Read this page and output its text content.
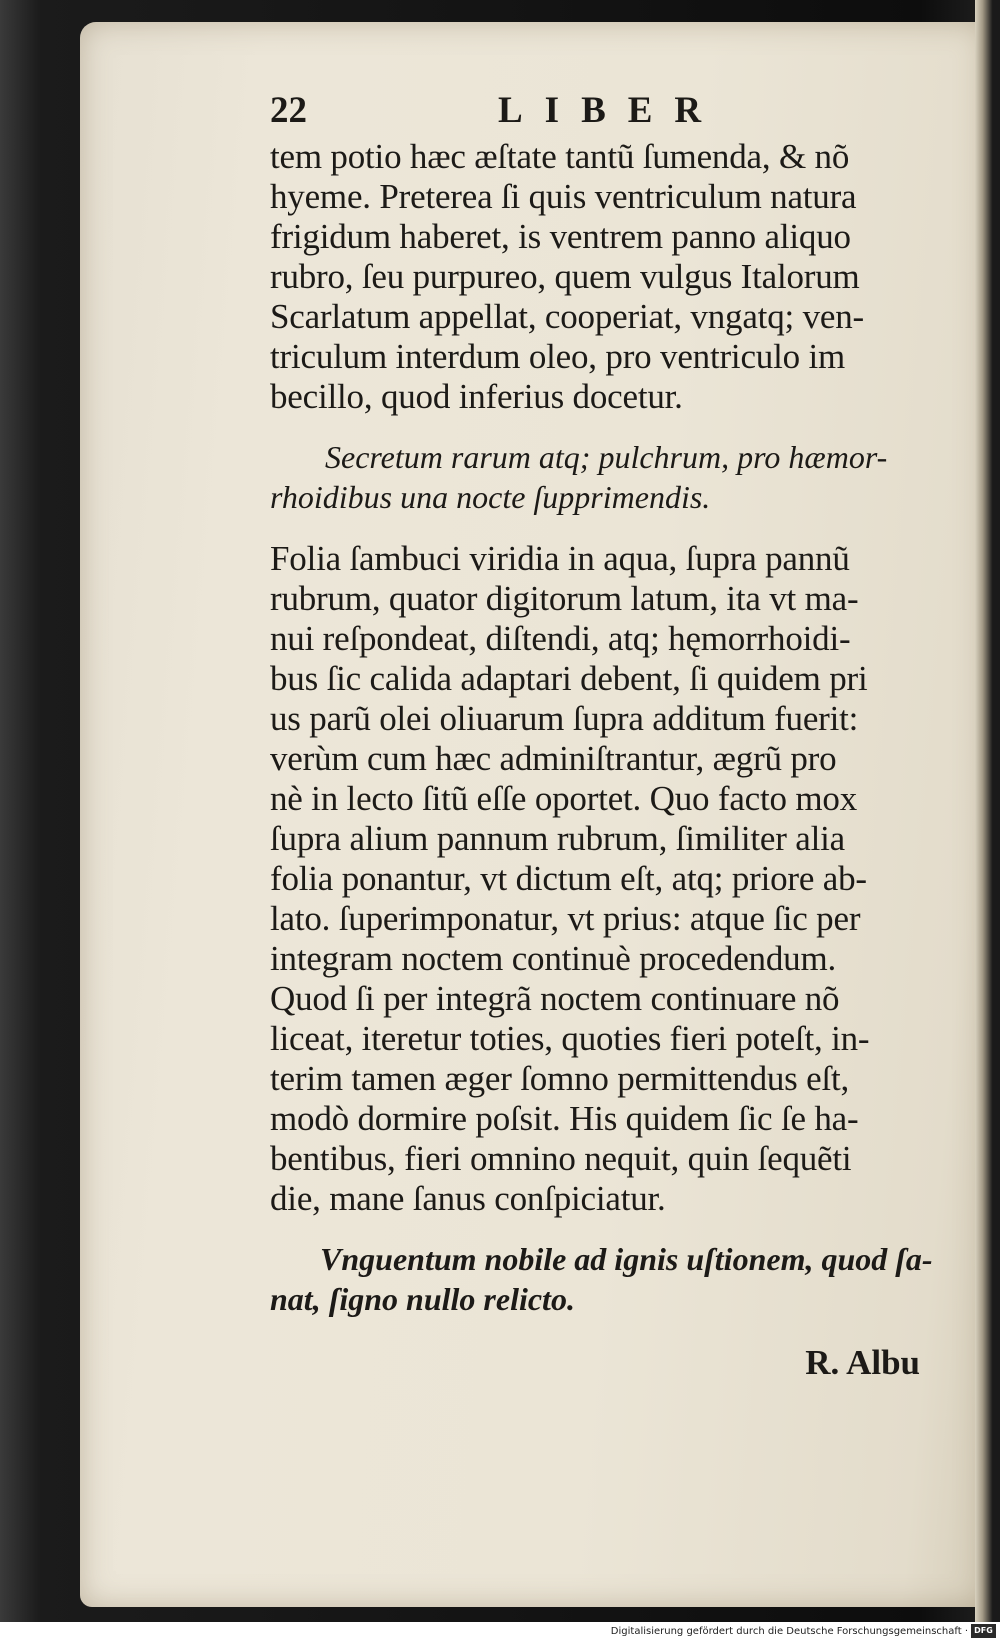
22	LIBER
tem potio hæc æſtate tantũ ſumenda, & nõ
hyeme. Preterea ſi quis ventriculum natura
frigidum haberet, is ventrem panno aliquo
rubro, ſeu purpureo, quem vulgus Italorum
Scarlatum appellat, cooperiat, vngatq; ven-
triculum interdum oleo, pro ventriculo im
becillo, quod inferius docetur.
Secretum rarum atq; pulchrum, pro hæmor-
rhoidibus una nocte ſupprimendis.
Folia ſambuci viridia in aqua, ſupra pannũ
rubrum, quator digitorum latum, ita vt ma-
nui reſpondeat, diſtendi, atq; hęmorrhoidi-
bus ſic calida adaptari debent, ſi quidem pri
us parũ olei oliuarum ſupra additum fuerit:
verùm cum hæc adminiſtrantur, ægrũ pro
nè in lecto ſitũ eſſe oportet. Quo facto mox
ſupra alium pannum rubrum, ſimiliter alia
folia ponantur, vt dictum eſt, atq; priore ab-
lato. ſuperimponatur, vt prius: atque ſic per
integram noctem continuè procedendum.
Quod ſi per integrã noctem continuare nõ
liceat, iteretur toties, quoties fieri poteſt, in-
terim tamen æger ſomno permittendus eſt,
modò dormire poſsit. His quidem ſic ſe ha-
bentibus, fieri omnino nequit, quin ſequẽti
die, mane ſanus conſpiciatur.
Vnguentum nobile ad ignis uſtionem, quod ſa-
nat, ſigno nullo relicto.
R. Albu
Digitalisierung gefördert durch die Deutsche Forschungsgemeinschaft · DFG
